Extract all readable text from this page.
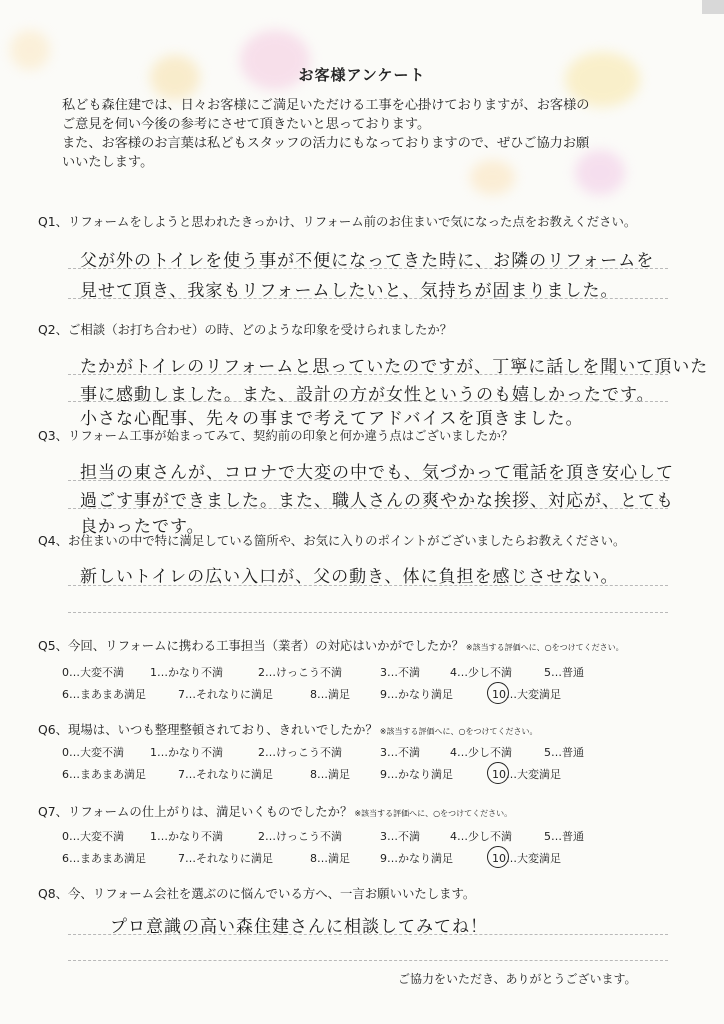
お客様アンケート
私ども森住建では、日々お客様にご満足いただける工事を心掛けておりますが、お客様の
ご意見を伺い今後の参考にさせて頂きたいと思っております。
また、お客様のお言葉は私どもスタッフの活力にもなっておりますので、ぜひご協力お願
いいたします。
Q1、リフォームをしようと思われたきっかけ、リフォーム前のお住まいで気になった点をお教えください。
父が外のトイレを使う事が不便になってきた時に、お隣のリフォームを
見せて頂き、我家もリフォームしたいと、気持ちが固まりました。
Q2、ご相談（お打ち合わせ）の時、どのような印象を受けられましたか？
たかがトイレのリフォームと思っていたのですが、丁寧に話しを聞いて頂いた
事に感動しました。また、設計の方が女性というのも嬉しかったです。
小さな心配事、先々の事まで考えてアドバイスを頂きました。
Q3、リフォーム工事が始まってみて、契約前の印象と何か違う点はございましたか？
担当の東さんが、コロナで大変の中でも、気づかって電話を頂き安心して
過ごす事ができました。また、職人さんの爽やかな挨拶、対応が、とても
良かったです。
Q4、お住まいの中で特に満足している箇所や、お気に入りのポイントがございましたらお教えください。
新しいトイレの広い入口が、父の動き、体に負担を感じさせない。
Q5、今回、リフォームに携わる工事担当（業者）の対応はいかがでしたか？ ※該当する評価へに、○をつけてください。
0…大変不満 1…かなり不満	2…けっこう不満	3…不満	4…少し不満	5…普通
6…まあまあ満足	7…それなりに満足	8…満足	9…かなり満足	10…大変満足
Q6、現場は、いつも整理整頓されており、きれいでしたか？ ※該当する評価へに、○をつけてください。
0…大変不満 1…かなり不満	2…けっこう不満	3…不満	4…少し不満	5…普通
6…まあまあ満足	7…それなりに満足	8…満足	9…かなり満足	10…大変満足
Q7、リフォームの仕上がりは、満足いくものでしたか？ ※該当する評価へに、○をつけてください。
0…大変不満 1…かなり不満	2…けっこう不満	3…不満	4…少し不満	5…普通
6…まあまあ満足	7…それなりに満足	8…満足	9…かなり満足	10…大変満足
Q8、今、リフォーム会社を選ぶのに悩んでいる方へ、一言お願いいたします。
プロ意識の高い森住建さんに相談してみてね！
ご協力をいただき、ありがとうございます。
